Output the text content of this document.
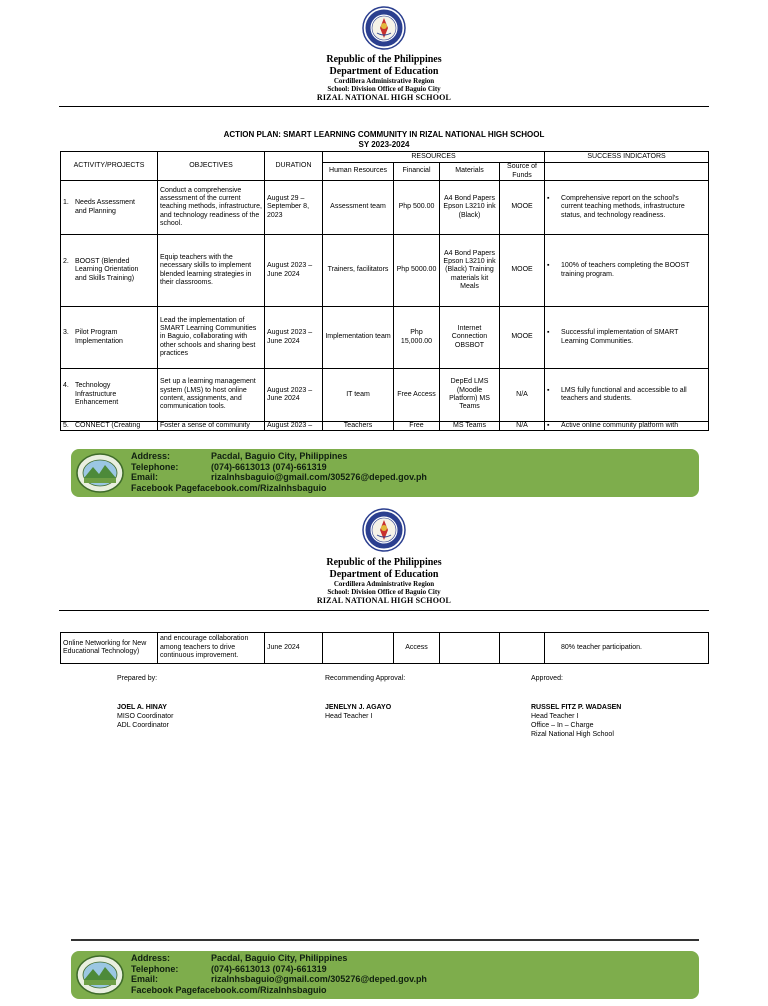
Republic of the Philippines
Department of Education
Cordillera Administrative Region
School: Division Office of Baguio City
RIZAL NATIONAL HIGH SCHOOL
ACTION PLAN: SMART LEARNING COMMUNITY IN RIZAL NATIONAL HIGH SCHOOL
SY 2023-2024
ACTIVITY/PROJECTS	OBJECTIVES	DURATION	RESOURCES				SUCCESS INDICATORS
			Human Resources	Financial	Materials	Source of Funds	
1. Needs Assessment and Planning	Conduct a comprehensive assessment of the current teaching methods, infrastructure, and technology readiness of the school.	August 29 – September 8, 2023	Assessment team	Php 500.00	A4 Bond Papers Epson L3210 ink (Black)	MOOE	▪ Comprehensive report on the school's current teaching methods, infrastructure status, and technology readiness.
2. BOOST (Blended Learning Orientation and Skills Training)	Equip teachers with the necessary skills to implement blended learning strategies in their classrooms.	August 2023 – June 2024	Trainers, facilitators	Php 5000.00	A4 Bond Papers Epson L3210 ink (Black) Training materials kit Meals	MOOE	▪ 100% of teachers completing the BOOST training program.
3. Pilot Program Implementation	Lead the implementation of SMART Learning Communities in Baguio, collaborating with other schools and sharing best practices	August 2023 – June 2024	Implementation team	Php 15,000.00	Internet Connection OBSBOT	MOOE	▪ Successful implementation of SMART Learning Communities.
4. Technology Infrastructure Enhancement	Set up a learning management system (LMS) to host online content, assignments, and communication tools.	August 2023 – June 2024	IT team	Free Access	DepEd LMS (Moodle Platform) MS Teams	N/A	▪ LMS fully functional and accessible to all teachers and students.
5. CONNECT (Creating	Foster a sense of community	August 2023 –	Teachers	Free	MS Teams	N/A	▪ Active online community platform with
Address:	Pacdal, Baguio City, Philippines
Telephone:	(074)-6613013 (074)-661319
Email:	rizalnhsbaguio@gmail.com/305276@deped.gov.ph
Facebook Page:
facebook.com/Rizalnhsbaguio
Republic of the Philippines
Department of Education
Cordillera Administrative Region
School: Division Office of Baguio City
RIZAL NATIONAL HIGH SCHOOL
Online Networking for New Educational Technology)	and encourage collaboration among teachers to drive continuous improvement.	June 2024		Access			80% teacher participation.
Prepared by:
JOEL A. HINAY
MISO Coordinator
ADL Coordinator
Recommending Approval:
JENELYN J. AGAYO
Head Teacher I
Approved:
RUSSEL FITZ P. WADASEN
Head Teacher I
Office – In – Charge
Rizal National High School
Address:	Pacdal, Baguio City, Philippines
Telephone:	(074)-6613013 (074)-661319
Email:	rizalnhsbaguio@gmail.com/305276@deped.gov.ph
Facebook Page:
facebook.com/Rizalnhsbaguio
